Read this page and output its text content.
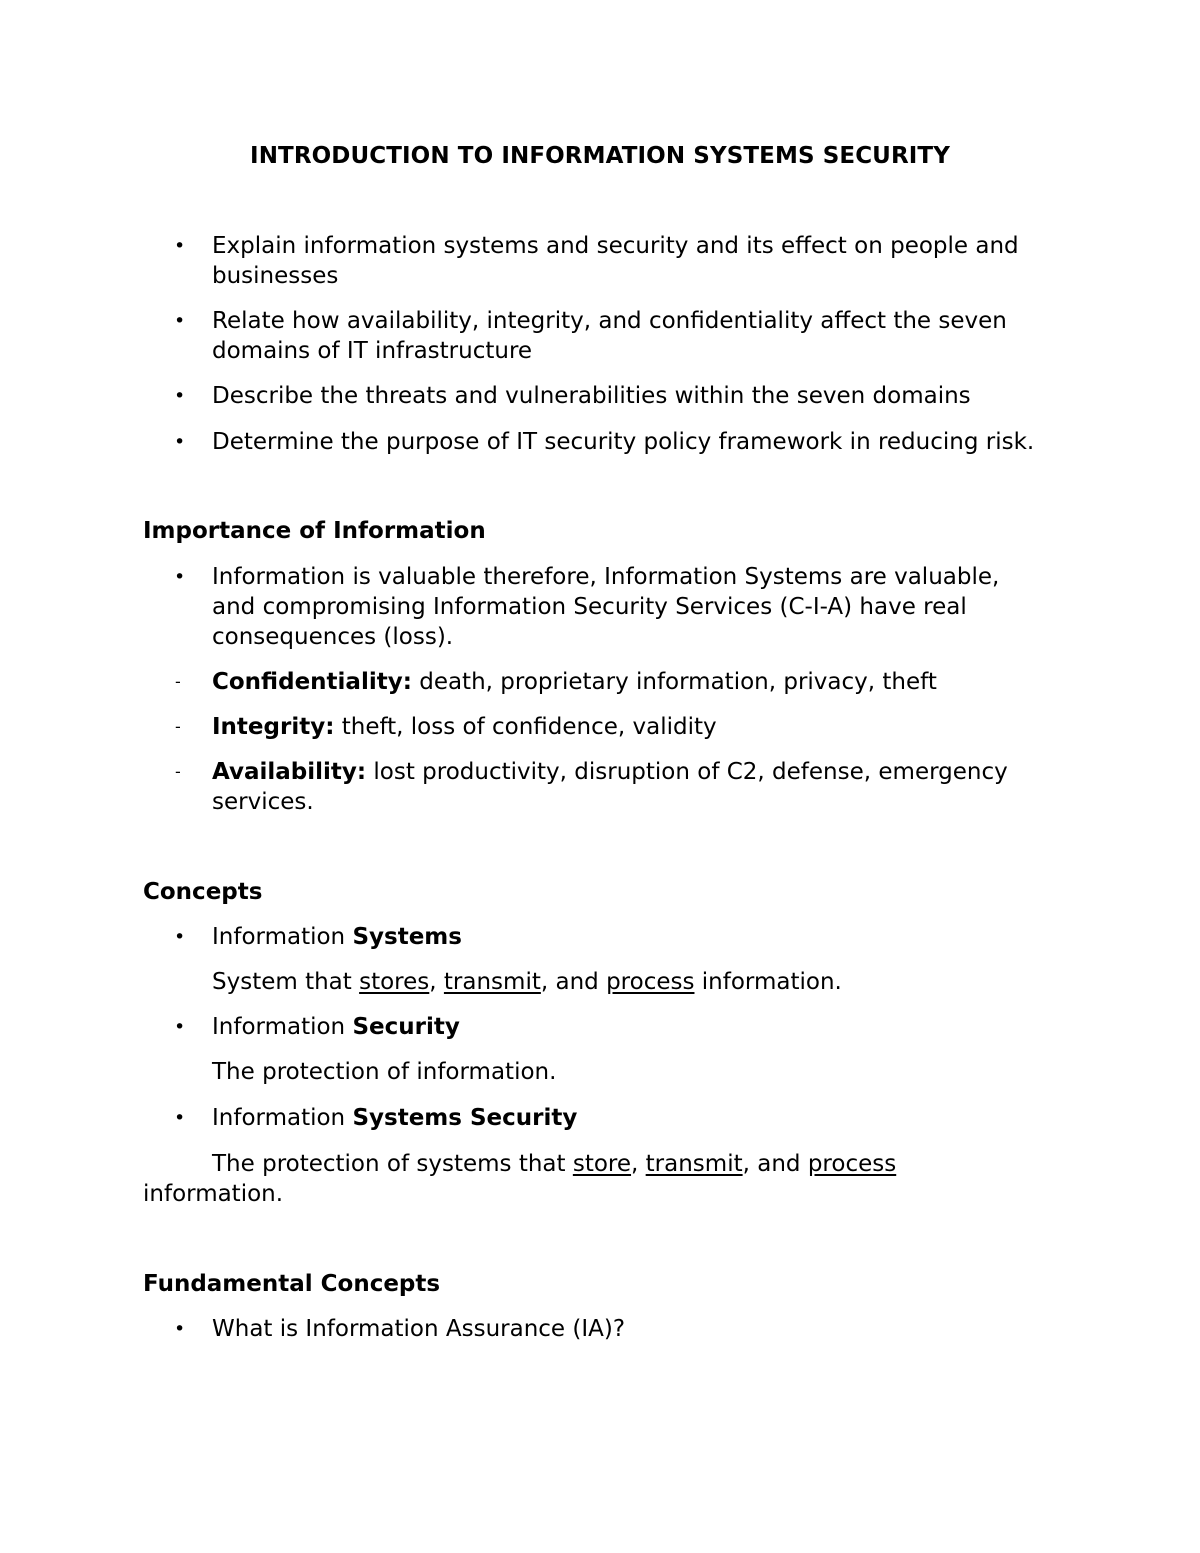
INTRODUCTION TO INFORMATION SYSTEMS SECURITY
•	Explain information systems and security and its effect on people and businesses
•	Relate how availability, integrity, and confidentiality affect the seven domains of IT infrastructure
•	Describe the threats and vulnerabilities within the seven domains
•	Determine the purpose of IT security policy framework in reducing risk.
Importance of Information
•	Information is valuable therefore, Information Systems are valuable, and compromising Information Security Services (C-I-A) have real consequences (loss).
-	Confidentiality: death, proprietary information, privacy, theft
-	Integrity: theft, loss of confidence, validity
-	Availability: lost productivity, disruption of C2, defense, emergency services.
Concepts
•	Information Systems
System that stores, transmit, and process information.
•	Information Security
The protection of information.
•	Information Systems Security
The protection of systems that store, transmit, and process
information.
Fundamental Concepts
•	What is Information Assurance (IA)?
